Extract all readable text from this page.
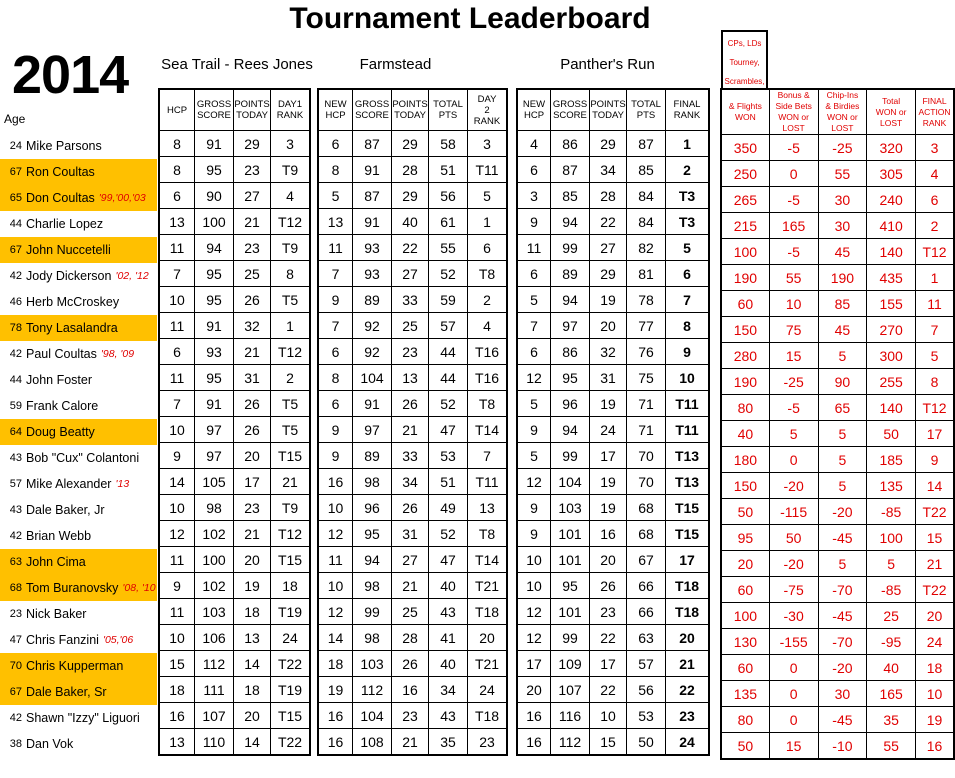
Tournament Leaderboard
2014 Sea Trail - Rees Jones	Farmstead	Panther's Run
Age
CPs, LDs
Tourney,
Scrambles,
24 Mike Parsons
67 Ron Coultas
65 Don Coultas '99,'00,'03
44 Charlie Lopez
67 John Nuccetelli
42 Jody Dickerson '02, '12
46 Herb McCroskey
78 Tony Lasalandra
42 Paul Coultas '98, '09
44 John Foster
59 Frank Calore
64 Doug Beatty
43 Bob "Cux" Colantoni
57 Mike Alexander '13
43 Dale Baker, Jr
42 Brian Webb
63 John Cima
68 Tom Buranovsky '08, '10
23 Nick Baker
47 Chris Fanzini '05,'06
70 Chris Kupperman
67 Dale Baker, Sr
42 Shawn "Izzy" Liguori
38 Dan Vok
HCP	GROSS
SCORE	POINTS
TODAY	DAY1
RANK
8	91	29	3
8	95	23	T9
6	90	27	4
13	100	21	T12
11	94	23	T9
7	95	25	8
10	95	26	T5
11	91	32	1
6	93	21	T12
11	95	31	2
7	91	26	T5
10	97	26	T5
9	97	20	T15
14	105	17	21
10	98	23	T9
12	102	21	T12
11	100	20	T15
9	102	19	18
11	103	18	T19
10	106	13	24
15	112	14	T22
18	111	18	T19
16	107	20	T15
13	110	14	T22
NEW
HCP	GROSS
SCORE	POINTS
TODAY	TOTAL
PTS	DAY
2
RANK
6	87	29	58	3
8	91	28	51	T11
5	87	29	56	5
13	91	40	61	1
11	93	22	55	6
7	93	27	52	T8
9	89	33	59	2
7	92	25	57	4
6	92	23	44	T16
8	104	13	44	T16
6	91	26	52	T8
9	97	21	47	T14
9	89	33	53	7
16	98	34	51	T11
10	96	26	49	13
12	95	31	52	T8
11	94	27	47	T14
10	98	21	40	T21
12	99	25	43	T18
14	98	28	41	20
18	103	26	40	T21
19	112	16	34	24
16	104	23	43	T18
16	108	21	35	23
NEW
HCP	GROSS
SCORE	POINTS
TODAY	TOTAL
PTS	FINAL
RANK
4	86	29	87	1
6	87	34	85	2
3	85	28	84	T3
9	94	22	84	T3
11	99	27	82	5
6	89	29	81	6
5	94	19	78	7
7	97	20	77	8
6	86	32	76	9
12	95	31	75	10
5	96	19	71	T11
9	94	24	71	T11
5	99	17	70	T13
12	104	19	70	T13
9	103	19	68	T15
9	101	16	68	T15
10	101	20	67	17
10	95	26	66	T18
12	101	23	66	T18
12	99	22	63	20
17	109	17	57	21
20	107	22	56	22
16	116	10	53	23
16	112	15	50	24
& Flights
WON	Bonus &
Side Bets
WON or
LOST	Chip-Ins
& Birdies
WON or
LOST	Total
WON or
LOST	FINAL
ACTION
RANK
350	-5	-25	320	3
250	0	55	305	4
265	-5	30	240	6
215	165	30	410	2
100	-5	45	140	T12
190	55	190	435	1
60	10	85	155	11
150	75	45	270	7
280	15	5	300	5
190	-25	90	255	8
80	-5	65	140	T12
40	5	5	50	17
180	0	5	185	9
150	-20	5	135	14
50	-115	-20	-85	T22
95	50	-45	100	15
20	-20	5	5	21
60	-75	-70	-85	T22
100	-30	-45	25	20
130	-155	-70	-95	24
60	0	-20	40	18
135	0	30	165	10
80	0	-45	35	19
50	15	-10	55	16
